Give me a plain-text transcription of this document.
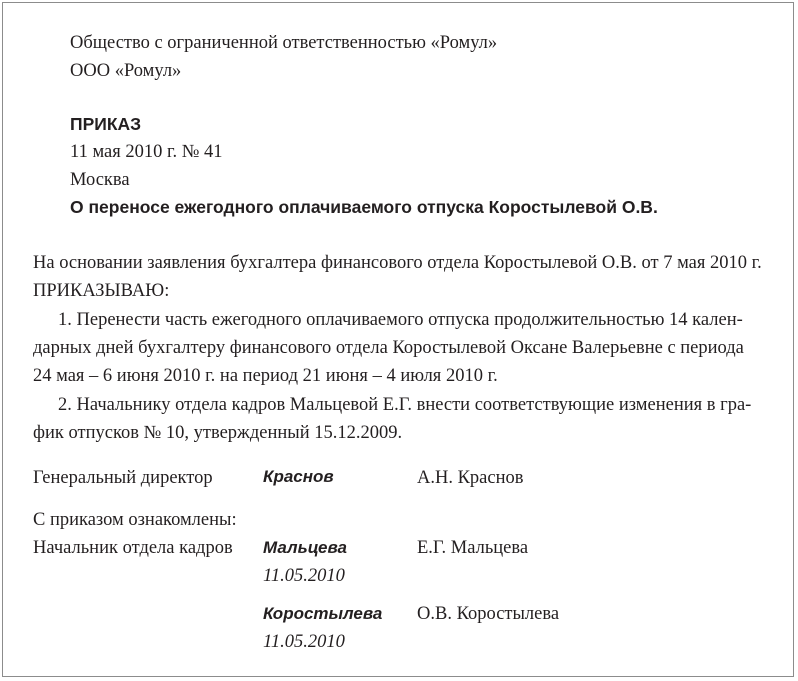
Общество с ограниченной ответственностью «Ромул»
ООО «Ромул»
ПРИКАЗ
11 мая 2010 г. № 41
Москва
О переносе ежегодного оплачиваемого отпуска Коростылевой О.В.
На основании заявления бухгалтера финансового отдела Коростылевой О.В. от 7 мая 2010 г.
ПРИКАЗЫВАЮ:
1. Перенести часть ежегодного оплачиваемого отпуска продолжительностью 14 кален-
дарных дней бухгалтеру финансового отдела Коростылевой Оксане Валерьевне с периода
24 мая – 6 июня 2010 г. на период 21 июня – 4 июля 2010 г.
2. Начальнику отдела кадров Мальцевой Е.Г. внести соответствующие изменения в гра-
фик отпусков № 10, утвержденный 15.12.2009.
Генеральный директор	Краснов	А.Н. Краснов
С приказом ознакомлены:
Начальник отдела кадров Мальцева
11.05.2010
Е.Г. Мальцева
Коростылева
11.05.2010
О.В. Коростылева
